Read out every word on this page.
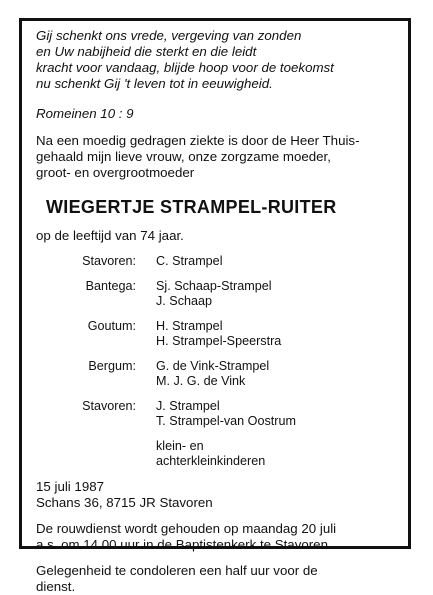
Gij schenkt ons vrede, vergeving van zonden
en Uw nabijheid die sterkt en die leidt
kracht voor vandaag, blijde hoop voor de toekomst
nu schenkt Gij 't leven tot in eeuwigheid.
Romeinen 10 : 9
Na een moedig gedragen ziekte is door de Heer Thuis-
gehaald mijn lieve vrouw, onze zorgzame moeder,
groot- en overgrootmoeder
WIEGERTJE STRAMPEL-RUITER
op de leeftijd van 74 jaar.
Stavoren:	C. Strampel
Bantega:	Sj. Schaap-Strampel
J. Schaap
Goutum:	H. Strampel
H. Strampel-Speerstra
Bergum:	G. de Vink-Strampel
M. J. G. de Vink
Stavoren:	J. Strampel
T. Strampel-van Oostrum
klein- en
achterkleinkinderen
15 juli 1987
Schans 36, 8715 JR Stavoren
De rouwdienst wordt gehouden op maandag 20 juli
a.s. om 14.00 uur in de Baptistenkerk te Stavoren.
Gelegenheid te condoleren een half uur voor de
dienst.
